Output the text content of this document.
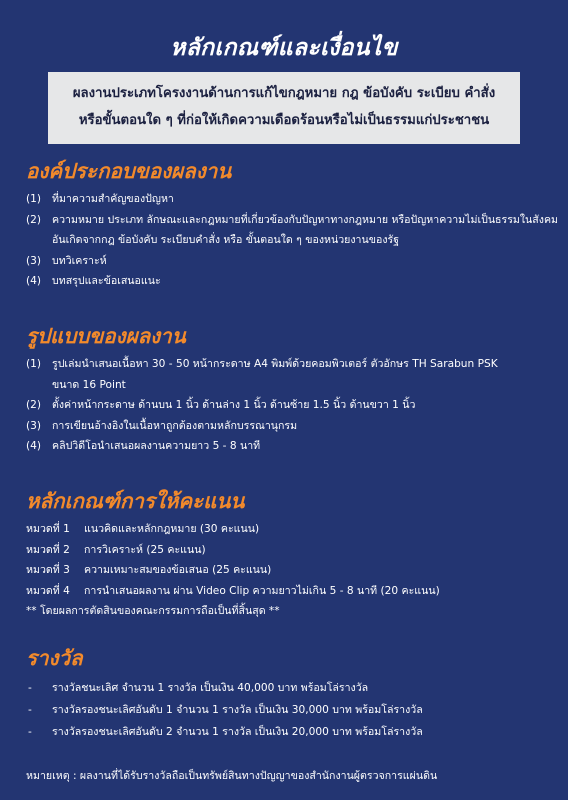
หลักเกณฑ์และเงื่อนไข
ผลงานประเภทโครงงานด้านการแก้ไขกฎหมาย กฎ ข้อบังคับ ระเบียบ คำสั่ง
หรือขั้นตอนใด ๆ ที่ก่อให้เกิดความเดือดร้อนหรือไม่เป็นธรรมแก่ประชาชน
องค์ประกอบของผลงาน
(1) ที่มาความสำคัญของปัญหา
(2) ความหมาย ประเภท ลักษณะและกฎหมายที่เกี่ยวข้องกับปัญหาทางกฎหมาย หรือปัญหาความไม่เป็นธรรมในสังคม
อันเกิดจากกฎ ข้อบังคับ ระเบียบคำสั่ง หรือ ขั้นตอนใด ๆ ของหน่วยงานของรัฐ
(3) บทวิเคราะห์
(4) บทสรุปและข้อเสนอแนะ
รูปแบบของผลงาน
(1) รูปเล่มนำเสนอเนื้อหา 30 - 50 หน้ากระดาษ A4 พิมพ์ด้วยคอมพิวเตอร์ ตัวอักษร TH Sarabun PSK
ขนาด 16 Point
(2) ตั้งค่าหน้ากระดาษ ด้านบน 1 นิ้ว ด้านล่าง 1 นิ้ว ด้านซ้าย 1.5 นิ้ว ด้านขวา 1 นิ้ว
(3) การเขียนอ้างอิงในเนื้อหาถูกต้องตามหลักบรรณานุกรม
(4) คลิปวิดีโอนำเสนอผลงานความยาว 5 - 8 นาที
หลักเกณฑ์การให้คะแนน
หมวดที่ 1 แนวคิดและหลักกฎหมาย (30 คะแนน)
หมวดที่ 2 การวิเคราะห์ (25 คะแนน)
หมวดที่ 3 ความเหมาะสมของข้อเสนอ (25 คะแนน)
หมวดที่ 4 การนำเสนอผลงาน ผ่าน Video Clip ความยาวไม่เกิน 5 - 8 นาที (20 คะแนน)
** โดยผลการตัดสินของคณะกรรมการถือเป็นที่สิ้นสุด **
รางวัล
- รางวัลชนะเลิศ จำนวน 1 รางวัล เป็นเงิน 40,000 บาท พร้อมโล่รางวัล
- รางวัลรองชนะเลิศอันดับ 1 จำนวน 1 รางวัล เป็นเงิน 30,000 บาท พร้อมโล่รางวัล
- รางวัลรองชนะเลิศอันดับ 2 จำนวน 1 รางวัล เป็นเงิน 20,000 บาท พร้อมโล่รางวัล
หมายเหตุ : ผลงานที่ได้รับรางวัลถือเป็นทรัพย์สินทางปัญญาของสำนักงานผู้ตรวจการแผ่นดิน
